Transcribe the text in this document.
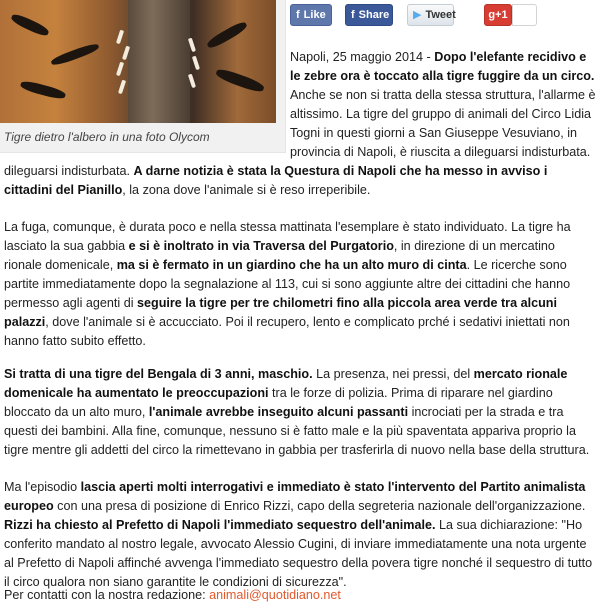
Tigre dietro l'albero in una foto Olycom
f Like f Share ▶ Tweet	g+1

Napoli, 25 maggio 2014 - Dopo l'elefante recidivo e le zebre ora è toccato alla tigre fuggire da un circo. Anche se non si tratta della stessa struttura, l'allarme è altissimo. La tigre del gruppo di animali del Circo Lidia Togni in questi giorni a San Giuseppe Vesuviano, in provincia di Napoli, è riuscita a dileguarsi indisturbata.

dileguarsi indisturbata. A darne notizia è stata la Questura di Napoli che ha messo in avviso i cittadini del Pianillo, la zona dove l'animale si è reso irreperibile.

La fuga, comunque, è durata poco e nella stessa mattinata l'esemplare è stato individuato. La tigre ha lasciato la sua gabbia e si è inoltrato in via Traversa del Purgatorio, in direzione di un mercatino rionale domenicale, ma si è fermato in un giardino che ha un alto muro di cinta. Le ricerche sono partite immediatamente dopo la segnalazione al 113, cui si sono aggiunte altre dei cittadini che hanno permesso agli agenti di seguire la tigre per tre chilometri fino alla piccola area verde tra alcuni palazzi, dove l'animale si è accucciato. Poi il recupero, lento e complicato prché i sedativi iniettati non hanno fatto subito effetto.

Si tratta di una tigre del Bengala di 3 anni, maschio. La presenza, nei pressi, del mercato rionale domenicale ha aumentato le preoccupazioni tra le forze di polizia. Prima di riparare nel giardino bloccato da un alto muro, l'animale avrebbe inseguito alcuni passanti incrociati per la strada e tra questi dei bambini. Alla fine, comunque, nessuno si è fatto male e la più spaventata appariva proprio la tigre mentre gli addetti del circo la rimettevano in gabbia per trasferirla di nuovo nella base della struttura.

Ma l'episodio lascia aperti molti interrogativi e immediato è stato l'intervento del Partito animalista europeo con una presa di posizione di Enrico Rizzi, capo della segreteria nazionale dell'organizzazione. Rizzi ha chiesto al Prefetto di Napoli l'immediato sequestro dell'animale. La sua dichiarazione: "Ho conferito mandato al nostro legale, avvocato Alessio Cugini, di inviare immediatamente una nota urgente al Prefetto di Napoli affinché avvenga l'immediato sequestro della povera tigre nonché il sequestro di tutto il circo qualora non siano garantite le condizioni di sicurezza".

Per contatti con la nostra redazione: animali@quotidiano.net
